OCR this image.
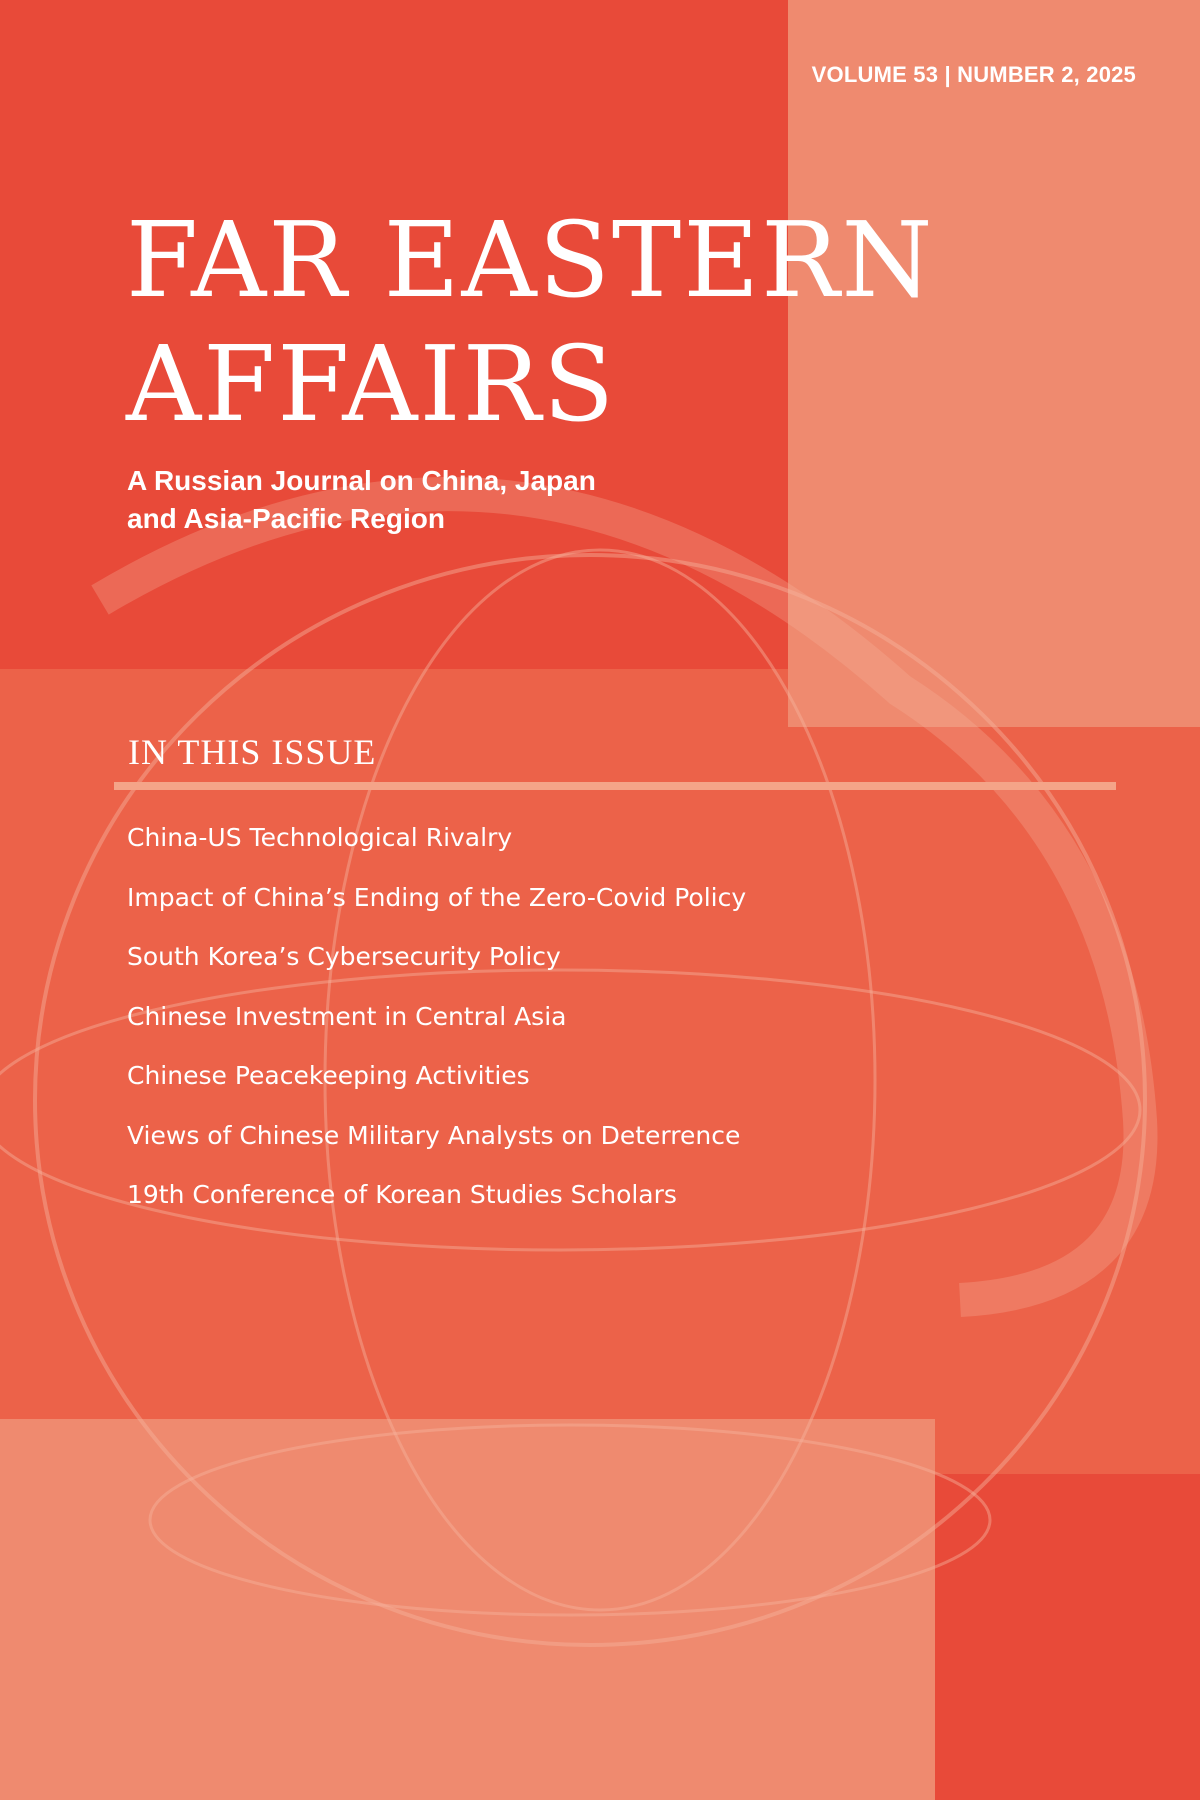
VOLUME 53 | NUMBER 2, 2025
FAR EASTERN
AFFAIRS
A Russian Journal on China, Japan
and Asia-Pacific Region
IN THIS ISSUE
China-US Technological Rivalry
Impact of China’s Ending of the Zero-Covid Policy
South Korea’s Cybersecurity Policy
Chinese Investment in Central Asia
Chinese Peacekeeping Activities
Views of Chinese Military Analysts on Deterrence
19th Conference of Korean Studies Scholars
